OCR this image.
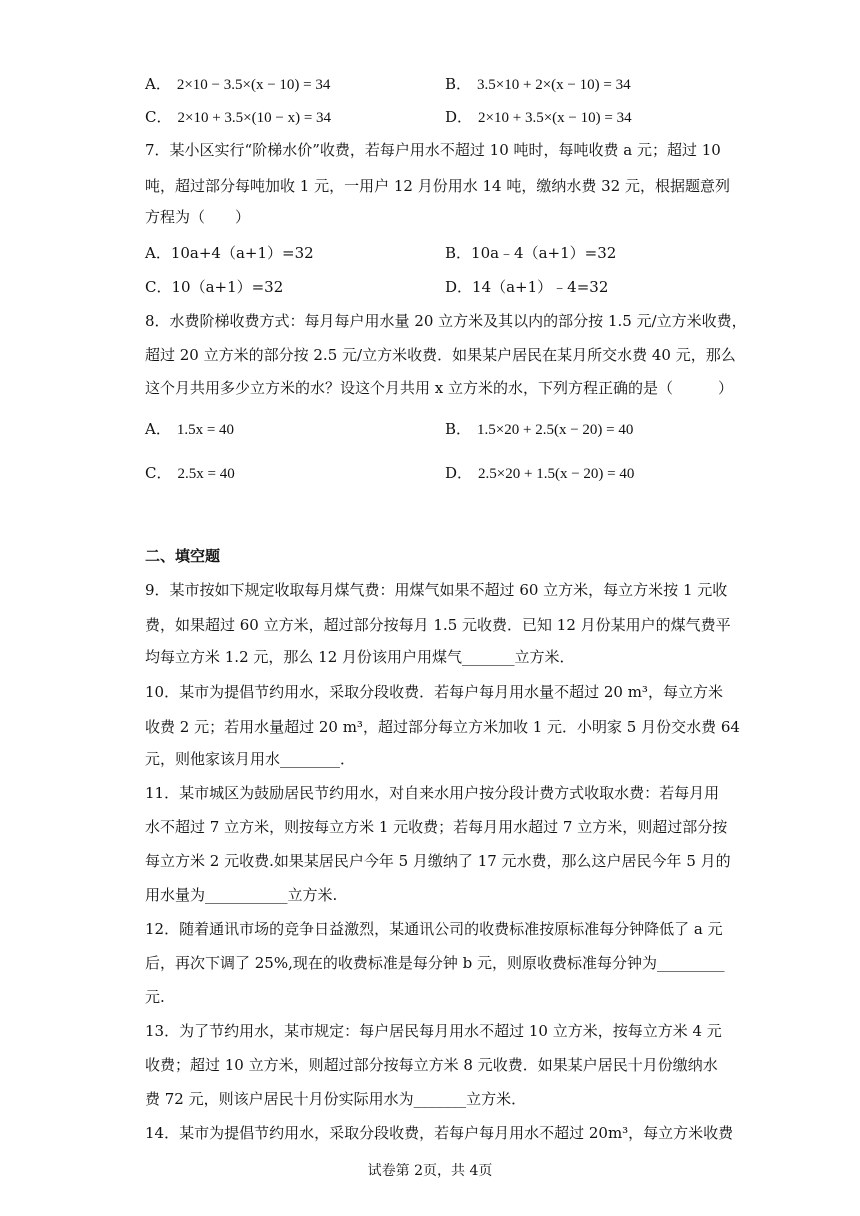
A． 2×10 − 3.5×(x − 10) = 34	B． 3.5×10 + 2×(x − 10) = 34
C． 2×10 + 3.5×(10 − x) = 34	D． 2×10 + 3.5×(x − 10) = 34
7．某小区实行“阶梯水价”收费，若每户用水不超过 10 吨时，每吨收费 a 元；超过 10
吨，超过部分每吨加收 1 元，一用户 12 月份用水 14 吨，缴纳水费 32 元，根据题意列
方程为（　　）
A．10a+4（a+1）=32	B．10a﹣4（a+1）=32
C．10（a+1）=32	D．14（a+1）﹣4=32
8．水费阶梯收费方式：每月每户用水量 20 立方米及其以内的部分按 1.5 元/立方米收费，
超过 20 立方米的部分按 2.5 元/立方米收费．如果某户居民在某月所交水费 40 元，那么
这个月共用多少立方米的水？设这个月共用 x 立方米的水，下列方程正确的是（　　　）
A． 1.5x = 40	B． 1.5×20 + 2.5(x − 20) = 40
C． 2.5x = 40	D． 2.5×20 + 1.5(x − 20) = 40
二、填空题
9．某市按如下规定收取每月煤气费：用煤气如果不超过 60 立方米，每立方米按 1 元收
费，如果超过 60 立方米，超过部分按每月 1.5 元收费．已知 12 月份某用户的煤气费平
均每立方米 1.2 元，那么 12 月份该用户用煤气_______立方米．
10．某市为提倡节约用水，采取分段收费．若每户每月用水量不超过 20 m³，每立方米
收费 2 元；若用水量超过 20 m³，超过部分每立方米加收 1 元．小明家 5 月份交水费 64
元，则他家该月用水________．
11．某市城区为鼓励居民节约用水，对自来水用户按分段计费方式收取水费：若每月用
水不超过 7 立方米，则按每立方米 1 元收费；若每月用水超过 7 立方米，则超过部分按
每立方米 2 元收费.如果某居民户今年 5 月缴纳了 17 元水费，那么这户居民今年 5 月的
用水量为___________立方米.
12．随着通讯市场的竞争日益激烈，某通讯公司的收费标准按原标准每分钟降低了 a 元
后，再次下调了 25%,现在的收费标准是每分钟 b 元，则原收费标准每分钟为_________
元.
13．为了节约用水，某市规定：每户居民每月用水不超过 10 立方米，按每立方米 4 元
收费；超过 10 立方米，则超过部分按每立方米 8 元收费．如果某户居民十月份缴纳水
费 72 元，则该户居民十月份实际用水为_______立方米．
14．某市为提倡节约用水，采取分段收费，若每户每月用水不超过 20m³，每立方米收费
试卷第 2页，共 4页
